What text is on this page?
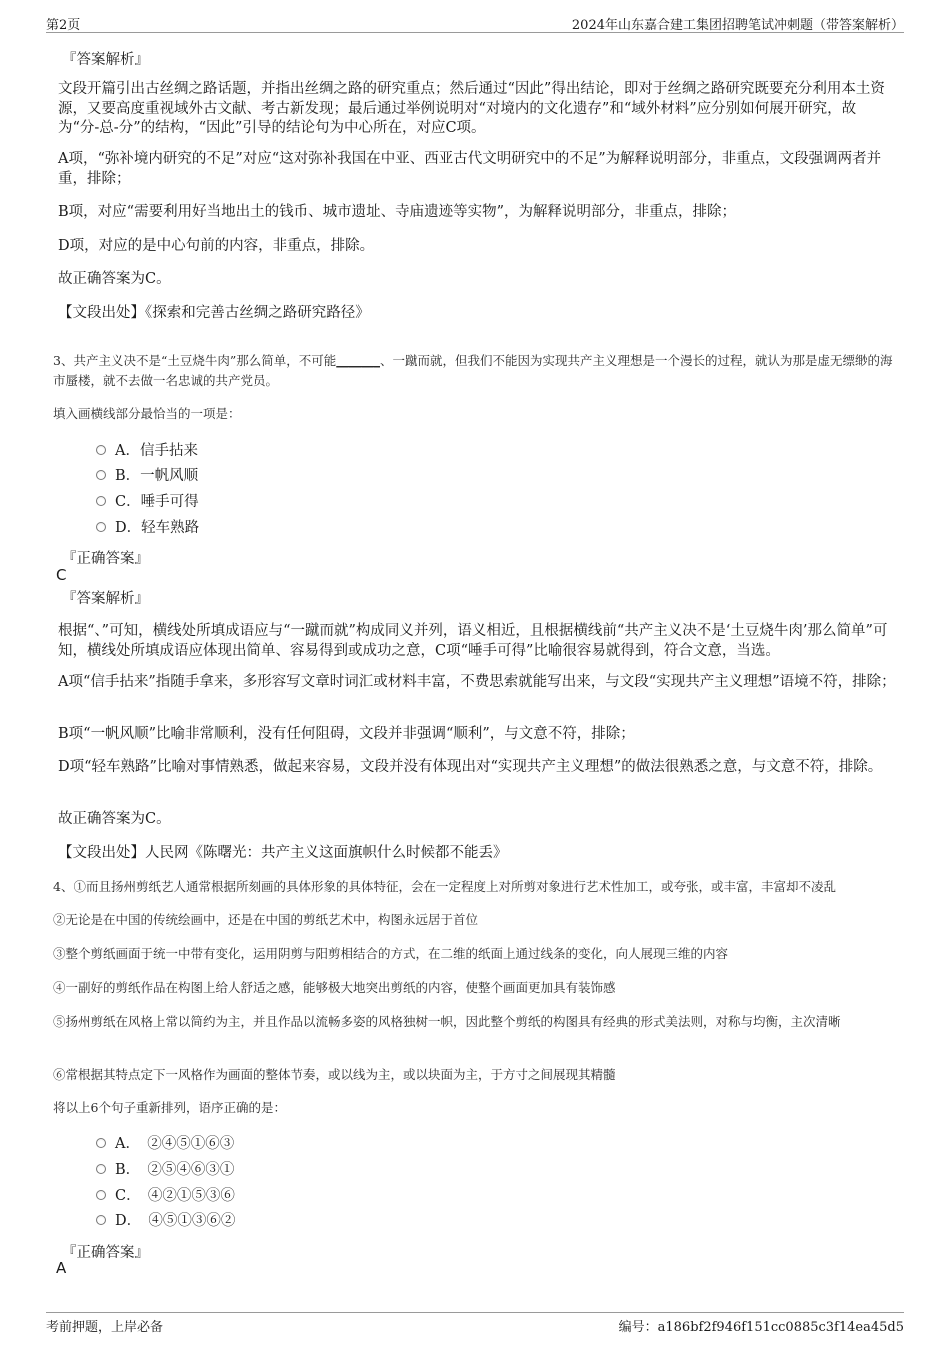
第2页	2024年山东嘉合建工集团招聘笔试冲刺题（带答案解析）
『答案解析』
文段开篇引出古丝绸之路话题，并指出丝绸之路的研究重点；然后通过“因此”得出结论，即对于丝绸之路研究既要充分利用本土资源，又要高度重视域外古文献、考古新发现；最后通过举例说明对“对境内的文化遗存”和“域外材料”应分别如何展开研究，故为“分-总-分”的结构，“因此”引导的结论句为中心所在，对应C项。
A项，“弥补境内研究的不足”对应“这对弥补我国在中亚、西亚古代文明研究中的不足”为解释说明部分，非重点，文段强调两者并重，排除；
B项，对应“需要利用好当地出土的钱币、城市遗址、寺庙遗迹等实物”，为解释说明部分，非重点，排除；
D项，对应的是中心句前的内容，非重点，排除。
故正确答案为C。
【文段出处】《探索和完善古丝绸之路研究路径》
3、共产主义决不是“土豆烧牛肉”那么简单，不可能_______、一蹴而就，但我们不能因为实现共产主义理想是一个漫长的过程，就认为那是虚无缥缈的海市蜃楼，就不去做一名忠诚的共产党员。
填入画横线部分最恰当的一项是：
A．信手拈来
B．一帆风顺
C．唾手可得
D．轻车熟路
『正确答案』
C
『答案解析』
根据“、”可知，横线处所填成语应与“一蹴而就”构成同义并列，语义相近，且根据横线前“共产主义决不是‘土豆烧牛肉’那么简单”可知，横线处所填成语应体现出简单、容易得到或成功之意，C项“唾手可得”比喻很容易就得到，符合文意，当选。
A项“信手拈来”指随手拿来，多形容写文章时词汇或材料丰富，不费思索就能写出来，与文段“实现共产主义理想”语境不符，排除；
B项“一帆风顺”比喻非常顺利，没有任何阻碍，文段并非强调“顺利”，与文意不符，排除；
D项“轻车熟路”比喻对事情熟悉，做起来容易，文段并没有体现出对“实现共产主义理想”的做法很熟悉之意，与文意不符，排除。
故正确答案为C。
【文段出处】人民网《陈曙光：共产主义这面旗帜什么时候都不能丢》
4、①而且扬州剪纸艺人通常根据所刻画的具体形象的具体特征，会在一定程度上对所剪对象进行艺术性加工，或夸张，或丰富，丰富却不凌乱
②无论是在中国的传统绘画中，还是在中国的剪纸艺术中，构图永远居于首位
③整个剪纸画面于统一中带有变化，运用阴剪与阳剪相结合的方式，在二维的纸面上通过线条的变化，向人展现三维的内容
④一副好的剪纸作品在构图上给人舒适之感，能够极大地突出剪纸的内容，使整个画面更加具有装饰感
⑤扬州剪纸在风格上常以简约为主，并且作品以流畅多姿的风格独树一帜，因此整个剪纸的构图具有经典的形式美法则，对称与均衡，主次清晰
⑥常根据其特点定下一风格作为画面的整体节奏，或以线为主，或以块面为主，于方寸之间展现其精髓
将以上6个句子重新排列，语序正确的是：
A．　②④⑤①⑥③
B．　②⑤④⑥③①
C．　④②①⑤③⑥
D．　④⑤①③⑥②
『正确答案』
A
考前押题，上岸必备	编号：a186bf2f946f151cc0885c3f14ea45d5
